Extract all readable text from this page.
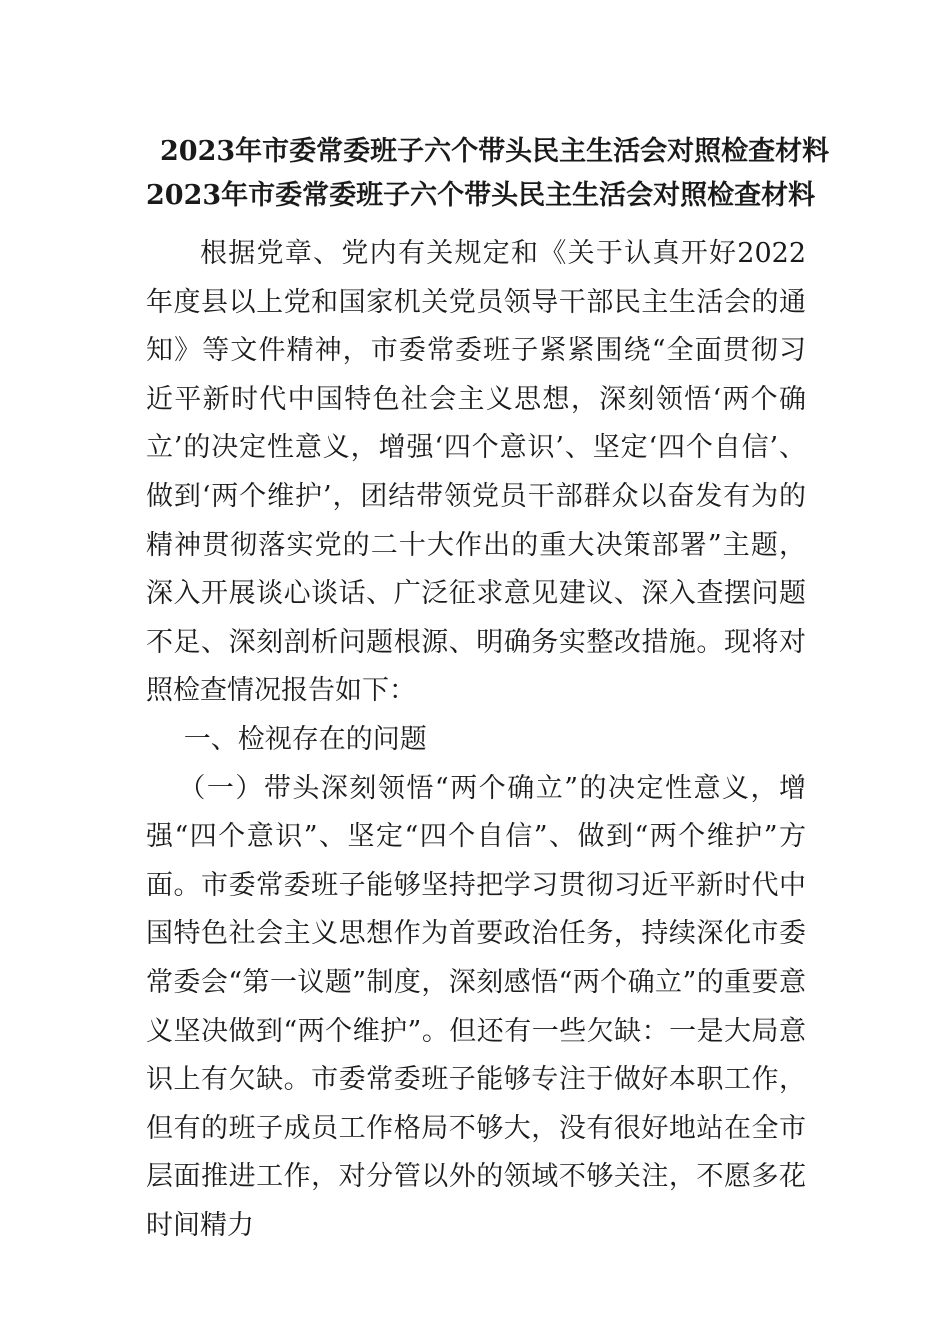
2023年市委常委班子六个带头民主生活会对照检查材料
2023年市委常委班子六个带头民主生活会对照检查材料

根据党章、党内有关规定和《关于认真开好2022年度县以上党和国家机关党员领导干部民主生活会的通知》等文件精神，市委常委班子紧紧围绕“全面贯彻习近平新时代中国特色社会主义思想，深刻领悟‘两个确立’的决定性意义，增强‘四个意识’、坚定‘四个自信’、做到‘两个维护’，团结带领党员干部群众以奋发有为的精神贯彻落实党的二十大作出的重大决策部署”主题，深入开展谈心谈话、广泛征求意见建议、深入查摆问题不足、深刻剖析问题根源、明确务实整改措施。现将对照检查情况报告如下：

一、检视存在的问题

（一）带头深刻领悟“两个确立”的决定性意义，增强“四个意识”、坚定“四个自信”、做到“两个维护”方面。市委常委班子能够坚持把学习贯彻习近平新时代中国特色社会主义思想作为首要政治任务，持续深化市委常委会“第一议题”制度，深刻感悟“两个确立”的重要意义坚决做到“两个维护”。但还有一些欠缺：一是大局意识上有欠缺。市委常委班子能够专注于做好本职工作，但有的班子成员工作格局不够大，没有很好地站在全市层面推进工作，对分管以外的领域不够关注，不愿多花时间精力
